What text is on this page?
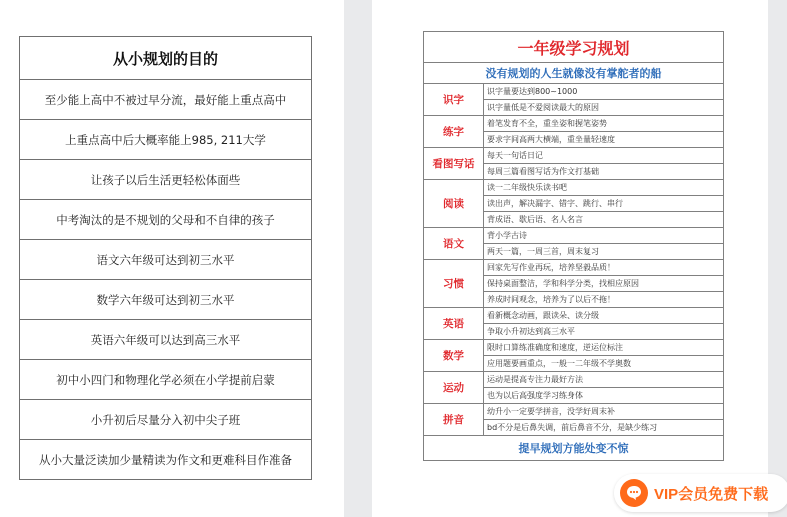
从小规划的目的
至少能上高中不被过早分流，最好能上重点高中
上重点高中后大概率能上985, 211大学
让孩子以后生活更轻松体面些
中考淘汰的是不规划的父母和不自律的孩子
语文六年级可达到初三水平
数学六年级可达到初三水平
英语六年级可以达到高三水平
初中小四门和物理化学必须在小学提前启蒙
小升初后尽量分入初中尖子班
从小大量泛读加少量精读为作文和更难科目作准备
一年级学习规划	
没有规划的人生就像没有掌舵者的船	
识字	识字量要达到800~1000
	识字量低是不爱阅读最大的原因
练字	着笔发育不全，重坐姿和握笔姿势
	要求字间高两大横端，重坐量轻速度
看图写话	每天一句话日记
	每周三篇看图写话为作文打基础
阅读	读一二年级快乐读书吧
	读出声，解决漏字、错字、跳行、串行
	背成语、歇后语、名人名言
语文	背小学古诗
	两天一篇，一周三首，周末复习
习惯	回家先写作业再玩，培养坚毅品质！
	保持桌面整洁，学和科学分类，找相应原因
	养成时间观念，培养为了以后不拖！
英语	看新概念动画，跟读朵、读分级
	争取小升初达到高三水平
数学	限时口算练准确度和速度，逆运位标注
	应用题要画重点，一般一二年级不学奥数
运动	运动是提高专注力最好方法
	也为以后高强度学习练身体
拼音	幼升小一定要学拼音，没学好周末补
	bd不分是后鼻失调，前后鼻音不分，是缺少练习
提早规划方能处变不惊	
VIP会员免费下载
